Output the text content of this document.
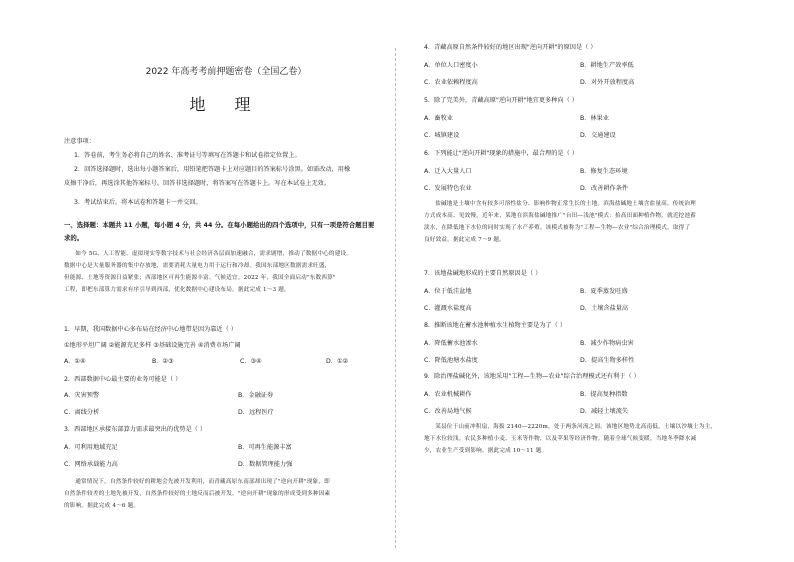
2022 年高考考前押题密卷（全国乙卷）
地 理
注意事项：
1．答卷前，考生务必将自己的姓名、准考证号等填写在答题卡和试卷指定位置上。
2．回答选择题时，选出每小题答案后，用铅笔把答题卡上对应题目的答案标号涂黑。如需改动，用橡
皮擦干净后，再选涂其他答案标号。回答非选择题时，将答案写在答题卡上。写在本试卷上无效。
3．考试结束后，将本试卷和答题卡一并交回。
一、选择题：本题共 11 小题，每小题 4 分，共 44 分。在每小题给出的四个选项中，只有一项是符合题目要
求的。
如今 5G、人工智能、虚拟现实等数字技术与社会经济各层面加速融合，需求剧增，推动了数据中心的建设。
数据中心是大量服务器的集中存放地，需要消耗大量电力用于运行和冷却。我国东部地区数据需求旺盛，
但能源、土地等资源日益紧张；西部地区可再生能源丰富、气候适宜。2022 年，我国全面启动"东数西算"
工程，即把东部算力需求有序引导到西部，优化数据中心建设布局。据此完成 1～3 题。
1．早期，我国数据中心多布局在经济中心地带是因为靠近（ ）
①地形平坦广阔 ②能源充足多样 ③基础设施完善 ④消费市场广阔
A．①④	B．②③	C．③④	D．①②
2．西部数据中心最主要的业务可能是（ ）
A．灾害预警	B．金融证券
C．离线分析	D．远程医疗
3．西部地区承接东部算力需求最突出的优势是（ ）
A．可利用地域充足	B．可再生能源丰富
C．网络承载能力高	D．数据管理能力强
通常情况下，自然条件较好的耕地会先被开发利用，而青藏高原东南部却出现了"逆向开耕"现象，即
自然条件较差的土地先被开发，自然条件较好的土地反而后被开发。"逆向开耕"现象的形成受到多种因素
的影响。据此完成 4～6 题。
4．青藏高原自然条件较好的地区出现"逆向开耕"的原因是（ ）
A．单位人口密度小	B．耕地生产效率低
C．农业依赖程度高	D．对外开放程度高
5．除了完美外，青藏高原"逆向开耕"地宜更多种向（ ）
A．畜牧业	B．林果业
C．城镇建设	D．交通建设
6．下列能让"逆向开耕"现象的措施中，最合理的是（ ）
A．迁入大量人口	B．修复生态环境
C．发展特色农业	D．改善耕作条件
盐碱地是土壤中含有较多可溶性盐分、影响作物正常生长的土地。滨海盐碱地土壤含盐量高，传统治理
方式成本高、见效慢。近年来，某地在滨海盐碱地推广"台田—浅池"模式：抬高田面种植作物，就近挖池蓄
淡水，在降低地下水位的同时实现了水产养殖。该模式被称为"工程—生物—农业"综合治理模式，取得了
良好效益。据此完成 7～9 题。
7．该地盐碱地形成的主要自然原因是（ ）
A．位于低洼盆地	B．夏季蒸发旺盛
C．灌溉水盐度高	D．土壤含盐量高
8．推断该地在蓄水池种植水生植物主要是为了（ ）
A．降低蓄水池渗水	B．减少作物病虫害
C．降低池塘水盐度	D．提高生物多样性
9．除治理盐碱化外，该地采用"工程—生物—农业"综合治理模式还有利于（ ）
A．农业机械耕作	B．提高复种指数
C．改善局地气候	D．减轻土壤流失
某县位于山前冲积扇，海拔 2140—2220m，处于两条河流之间。该地区地势北高南低，土壤以沙壤土为主，
地下水位较浅。农民多种植小麦、玉米等作物，以及苹果等经济作物。随着全球气候变暖，当地冬季降水减
少，农业生产受到影响。据此完成 10～11 题。
